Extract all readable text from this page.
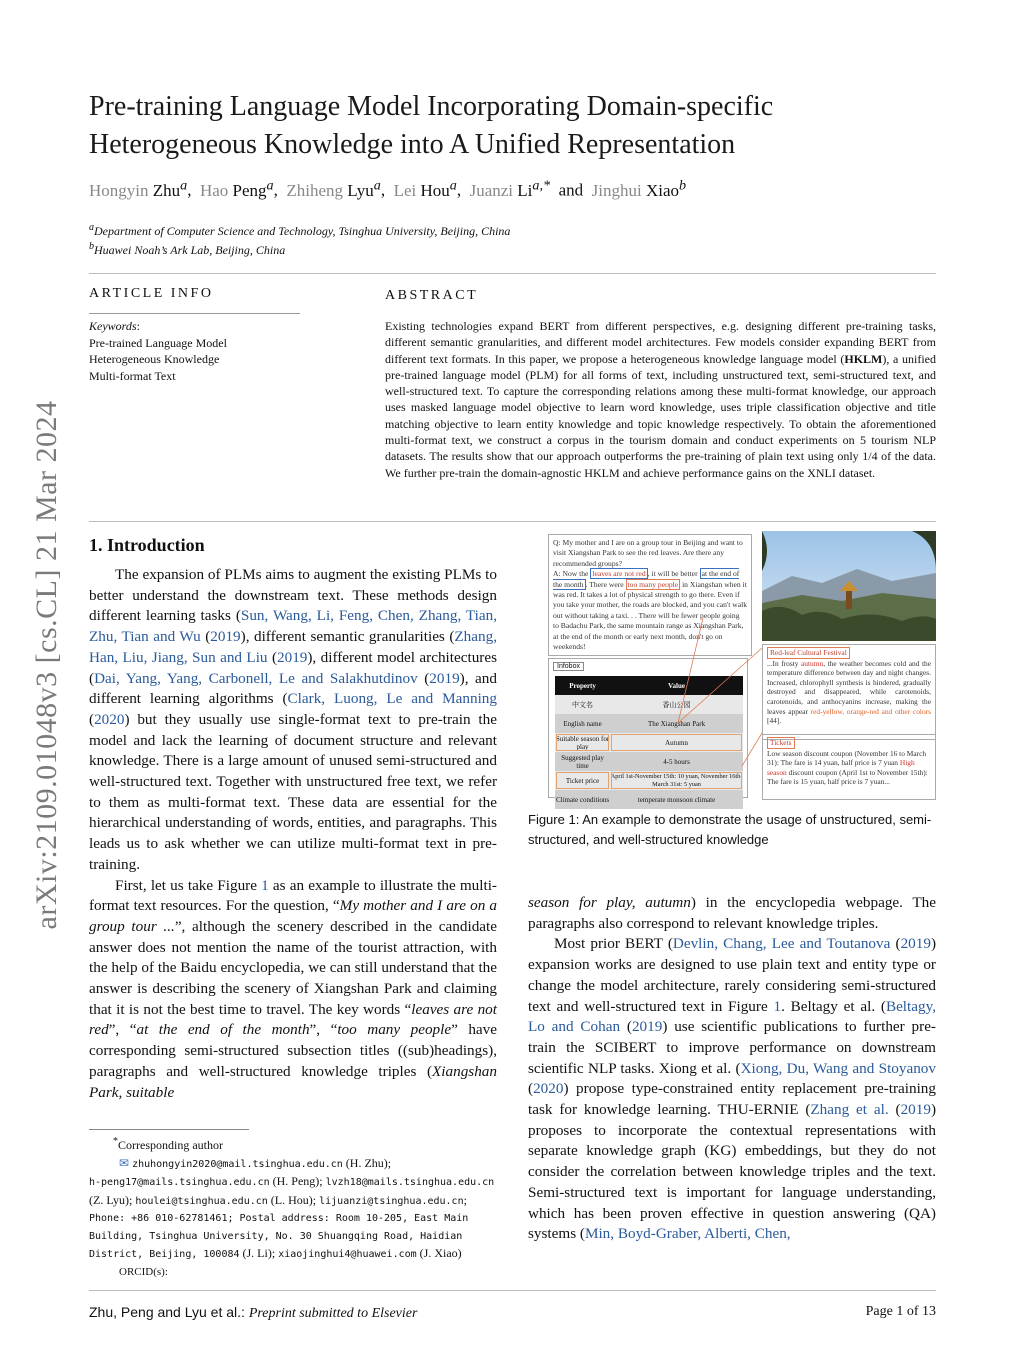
arXiv:2109.01048v3 [cs.CL] 21 Mar 2024
Pre-training Language Model Incorporating Domain-specific
Heterogeneous Knowledge into A Unified Representation
Hongyin Zhu$^a$,  Hao Peng$^a$,  Zhiheng Lyu$^a$,  Lei Hou$^a$,  Juanzi $Li^{a,*}$ and Jinghui Xiao$^b$
$^a$Department of Computer Science and Technology, Tsinghua University, Beijing, China
$^b$Huawei Noah’s Ark Lab, Beijing, China
ARTICLE INFO
Keywords:
Pre-trained Language Model
Heterogeneous Knowledge
Multi-format Text
ABSTRACT
Existing technologies expand BERT from different perspectives, e.g. designing different pre-training tasks, different semantic granularities, and different model architectures. Few models consider expanding BERT from different text formats. In this paper, we propose a heterogeneous knowledge language model (HKLM), a unified pre-trained language model (PLM) for all forms of text, including unstructured text, semi-structured text, and well-structured text. To capture the corresponding relations among these multi-format knowledge, our approach uses masked language model objective to learn word knowledge, uses triple classification objective and title matching objective to learn entity knowledge and topic knowledge respectively. To obtain the aforementioned multi-format text, we construct a corpus in the tourism domain and conduct experiments on 5 tourism NLP datasets. The results show that our approach outperforms the pre-training of plain text using only 1/4 of the data. We further pre-train the domain-agnostic HKLM and achieve performance gains on the XNLI dataset.
1. Introduction

The expansion of PLMs aims to augment the existing PLMs to better understand the downstream text. These methods design different learning tasks (Sun, Wang, Li, Feng, Chen, Zhang, Tian, Zhu, Tian and Wu (2019), different semantic granularities (Zhang, Han, Liu, Jiang, Sun and Liu (2019), different model architectures (Dai, Yang, Yang, Carbonell, Le and Salakhutdinov (2019), and different learning algorithms (Clark, Luong, Le and Manning (2020) but they usually use single-format text to pre-train the model and lack the learning of document structure and relevant knowledge. There is a large amount of unused semi-structured and well-structured text. Together with unstructured free text, we refer to them as multi-format text. These data are essential for the hierarchical understanding of words, entities, and paragraphs. This leads us to ask whether we can utilize multi-format text in pre-training.

First, let us take Figure 1 as an example to illustrate the multi-format text resources. For the question, “My mother and I are on a group tour ...”, although the scenery described in the candidate answer does not mention the name of the tourist attraction, with the help of the Baidu encyclopedia, we can still understand that the answer is describing the scenery of Xiangshan Park and claiming that it is not the best time to travel. The key words “leaves are not red”, “at the end of the month”, “too many people” have corresponding semi-structured subsection titles ((sub)headings), paragraphs and well-structured knowledge triples (Xiangshan Park, suitable

*Corresponding author
✉ zhuhongyin2020@mail.tsinghua.edu.cn (H. Zhu);
h-peng17@mails.tsinghua.edu.cn (H. Peng); lvzh18@mails.tsinghua.edu.cn
(Z. Lyu); houlei@tsinghua.edu.cn (L. Hou); lijuanzi@tsinghua.edu.cn;
Phone: +86 010-62781461; Postal address: Room 10-205, East Main
Building, Tsinghua University, No. 30 Shuangqing Road, Haidian
District, Beijing, 100084 (J. Li); xiaojinghui4@huawei.com (J. Xiao)
ORCID(s):
Q: My mother and I are on a group tour in Beijing and want to visit Xiangshan Park to see the red leaves. Are there any recommended groups?
A: Now the leaves are not red , it will be better at the end of the month . There were too many people in Xiangshan when it was red. It takes a lot of physical strength to go there. Even if you take your mother, the roads are blocked, and you can't walk out without taking a taxi. . . There will be fewer people going to Badachu Park, the same mountain range as Xiangshan Park, at the end of the month or early next month, don't go on weekends!
Infobox
Property	Value
中文名	香山公园
English name	The Xiangshan Park
Suitable season for play	Autumn
Suggested play time	4-5 hours
Ticket price	April 1st-November 15th: 10 yuan, November 16th-March 31st: 5 yuan
Climate conditions	temperate monsoon climate
Red-leaf Cultural Festival
...In frosty autumn, the weather becomes cold and the temperature difference between day and night changes. Increased, chlorophyll synthesis is hindered, gradually destroyed and disappeared, while carotenoids, carotenoids, and anthocyanins increase, making the leaves appear red-yellow, orange-red and other colors [44].
Tickets
Low season discount coupon (November 16 to March 31): The fare is 14 yuan, half price is 7 yuan High season discount coupon (April 1st to November 15th): The fare is 15 yuan, half price is 7 yuan...
Figure 1: An example to demonstrate the usage of unstructured, semi-structured, and well-structured knowledge

season for play, autumn) in the encyclopedia webpage. The paragraphs also correspond to relevant knowledge triples.

Most prior BERT (Devlin, Chang, Lee and Toutanova (2019) expansion works are designed to use plain text and entity type or change the model architecture, rarely considering semi-structured text and well-structured text in Figure 1. Beltagy et al. (Beltagy, Lo and Cohan (2019) use scientific publications to further pre-train the SCIBERT to improve performance on downstream scientific NLP tasks. Xiong et al. (Xiong, Du, Wang and Stoyanov (2020) propose type-constrained entity replacement pre-training task for knowledge learning. THU-ERNIE (Zhang et al. (2019) proposes to incorporate the contextual representations with separate knowledge graph (KG) embeddings, but they do not consider the correlation between knowledge triples and the text. Semi-structured text is important for language understanding, which has been proven effective in question answering (QA) systems (Min, Boyd-Graber, Alberti, Chen,

Zhu, Peng and Lyu et al.: Preprint submitted to Elsevier	Page 1 of 13
